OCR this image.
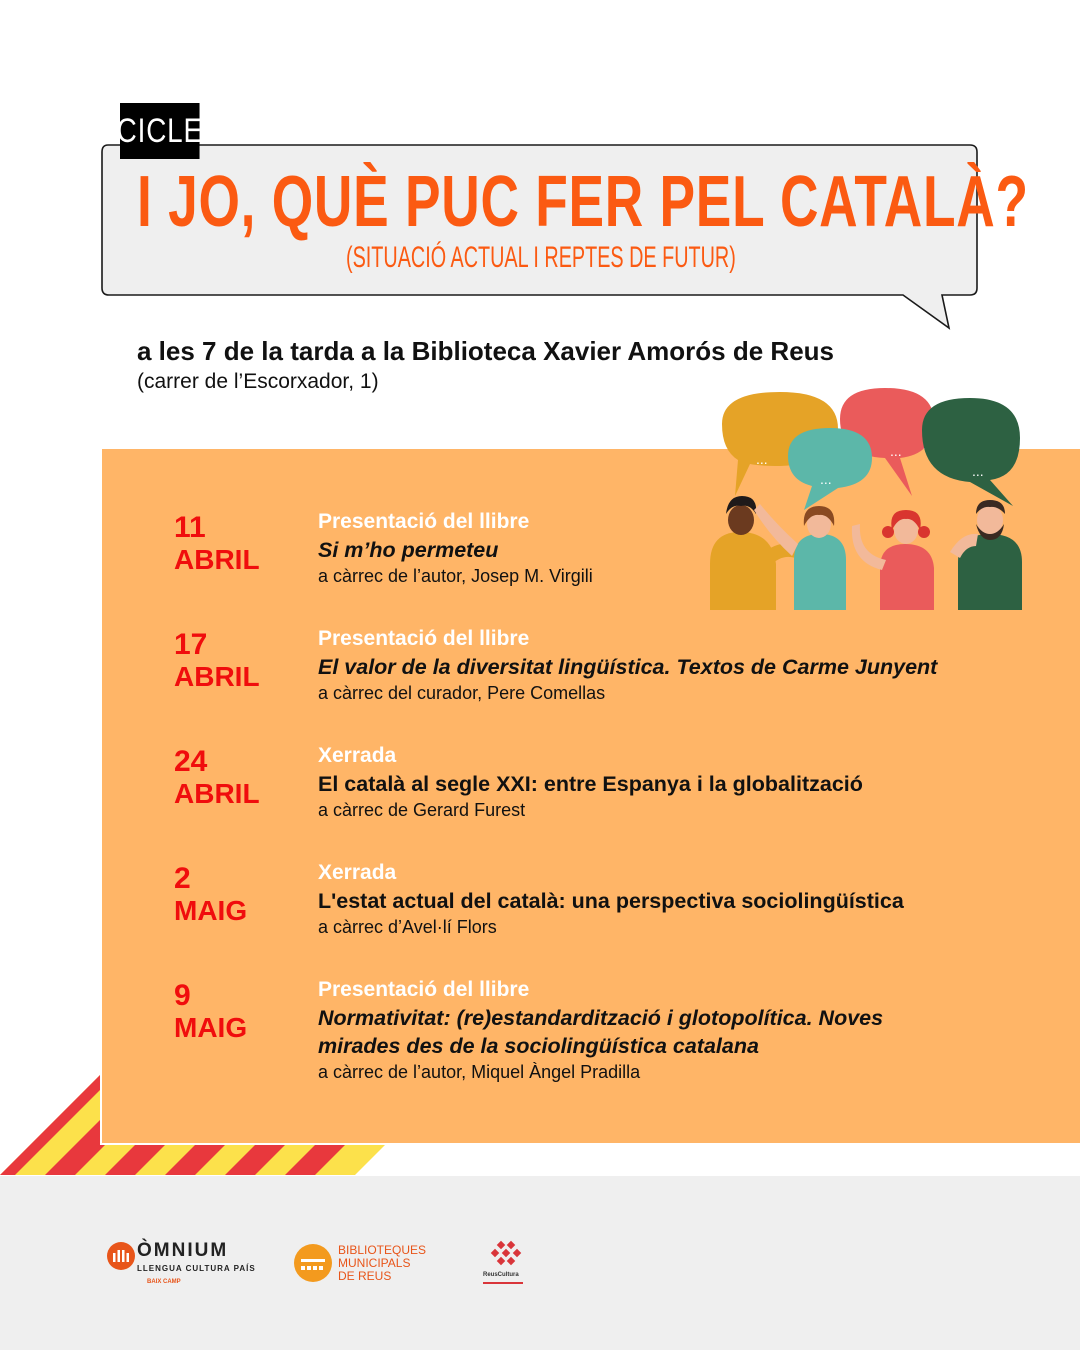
CICLE
I JO, QUÈ PUC FER PEL CATALÀ?
(SITUACIÓ ACTUAL I REPTES DE FUTUR)
a les 7 de la tarda a la Biblioteca Xavier Amorós de Reus
(carrer de l’Escorxador, 1)
...	...
...	...
11
ABRIL
Presentació del llibre
Si m’ho permeteu
a càrrec de l’autor, Josep M. Virgili
17
ABRIL
Presentació del llibre
El valor de la diversitat lingüística. Textos de Carme Junyent
a càrrec del curador, Pere Comellas
24
ABRIL
Xerrada
El català al segle XXI: entre Espanya i la globalització
a càrrec de Gerard Furest
2
MAIG
Xerrada
L'estat actual del català: una perspectiva sociolingüística
a càrrec d’Avel·lí Flors
9
MAIG
Presentació del llibre
Normativitat: (re)estandardització i glotopolítica. Noves mirades des de la sociolingüística catalana
a càrrec de l’autor, Miquel Àngel Pradilla
ÒMNIUM
LLENGUA CULTURA PAÍS
BAIX CAMP
BIBLIOTEQUES
MUNICIPALS
DE REUS	ReusCultura
